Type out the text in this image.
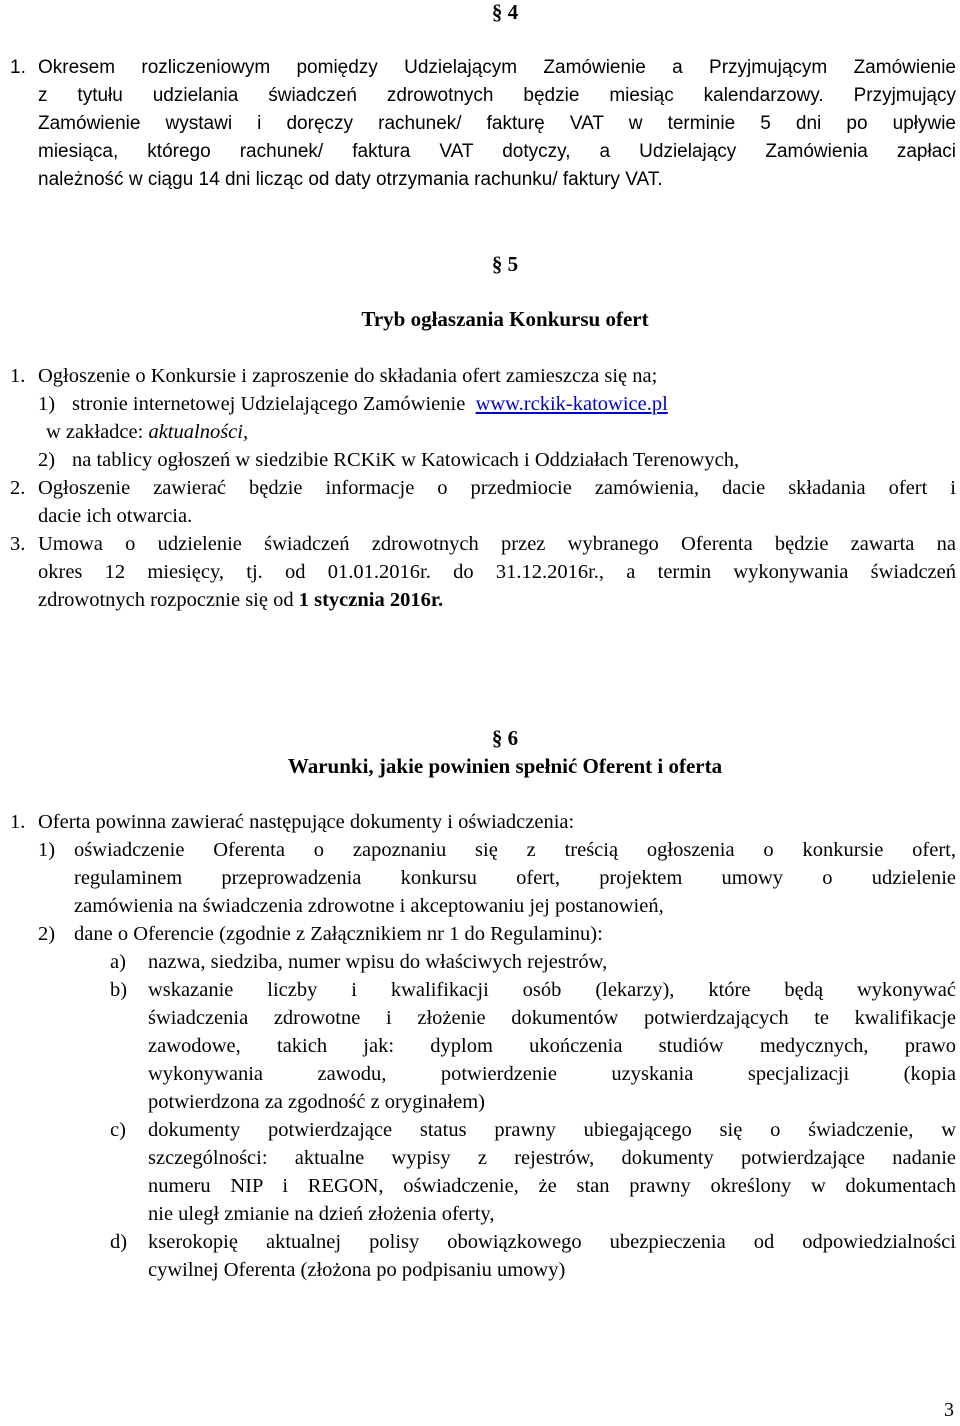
§ 4
1. Okresem rozliczeniowym pomiędzy Udzielającym Zamówienie a Przyjmującym Zamówienie
z tytułu udzielania świadczeń zdrowotnych będzie miesiąc kalendarzowy. Przyjmujący
Zamówienie wystawi i doręczy rachunek/ fakturę VAT w terminie 5 dni po upływie
miesiąca, którego rachunek/ faktura VAT dotyczy, a Udzielający Zamówienia zapłaci
należność w ciągu 14 dni licząc od daty otrzymania rachunku/ faktury VAT.
§ 5
Tryb ogłaszania Konkursu ofert
1. Ogłoszenie o Konkursie i zaproszenie do składania ofert zamieszcza się na;
1) stronie internetowej Udzielającego Zamówienie www.rckik-katowice.pl
w zakładce: aktualności,
2) na tablicy ogłoszeń w siedzibie RCKiK w Katowicach i Oddziałach Terenowych,
2. Ogłoszenie zawierać będzie informacje o przedmiocie zamówienia, dacie składania ofert i
dacie ich otwarcia.
3. Umowa o udzielenie świadczeń zdrowotnych przez wybranego Oferenta będzie zawarta na
okres 12 miesięcy, tj. od 01.01.2016r. do 31.12.2016r., a termin wykonywania świadczeń
zdrowotnych rozpocznie się od 1 stycznia 2016r.
§ 6
Warunki, jakie powinien spełnić Oferent i oferta
1. Oferta powinna zawierać następujące dokumenty i oświadczenia:
1) oświadczenie Oferenta o zapoznaniu się z treścią ogłoszenia o konkursie ofert,
regulaminem przeprowadzenia konkursu ofert, projektem umowy o udzielenie
zamówienia na świadczenia zdrowotne i akceptowaniu jej postanowień,
2) dane o Oferencie (zgodnie z Załącznikiem nr 1 do Regulaminu):
a) nazwa, siedziba, numer wpisu do właściwych rejestrów,
b) wskazanie liczby i kwalifikacji osób (lekarzy), które będą wykonywać
świadczenia zdrowotne i złożenie dokumentów potwierdzających te kwalifikacje
zawodowe, takich jak: dyplom ukończenia studiów medycznych, prawo
wykonywania zawodu, potwierdzenie uzyskania specjalizacji (kopia
potwierdzona za zgodność z oryginałem)
c) dokumenty potwierdzające status prawny ubiegającego się o świadczenie, w
szczególności: aktualne wypisy z rejestrów, dokumenty potwierdzające nadanie
numeru NIP i REGON, oświadczenie, że stan prawny określony w dokumentach
nie uległ zmianie na dzień złożenia oferty,
d) kserokopię aktualnej polisy obowiązkowego ubezpieczenia od odpowiedzialności
cywilnej Oferenta (złożona po podpisaniu umowy)
3
